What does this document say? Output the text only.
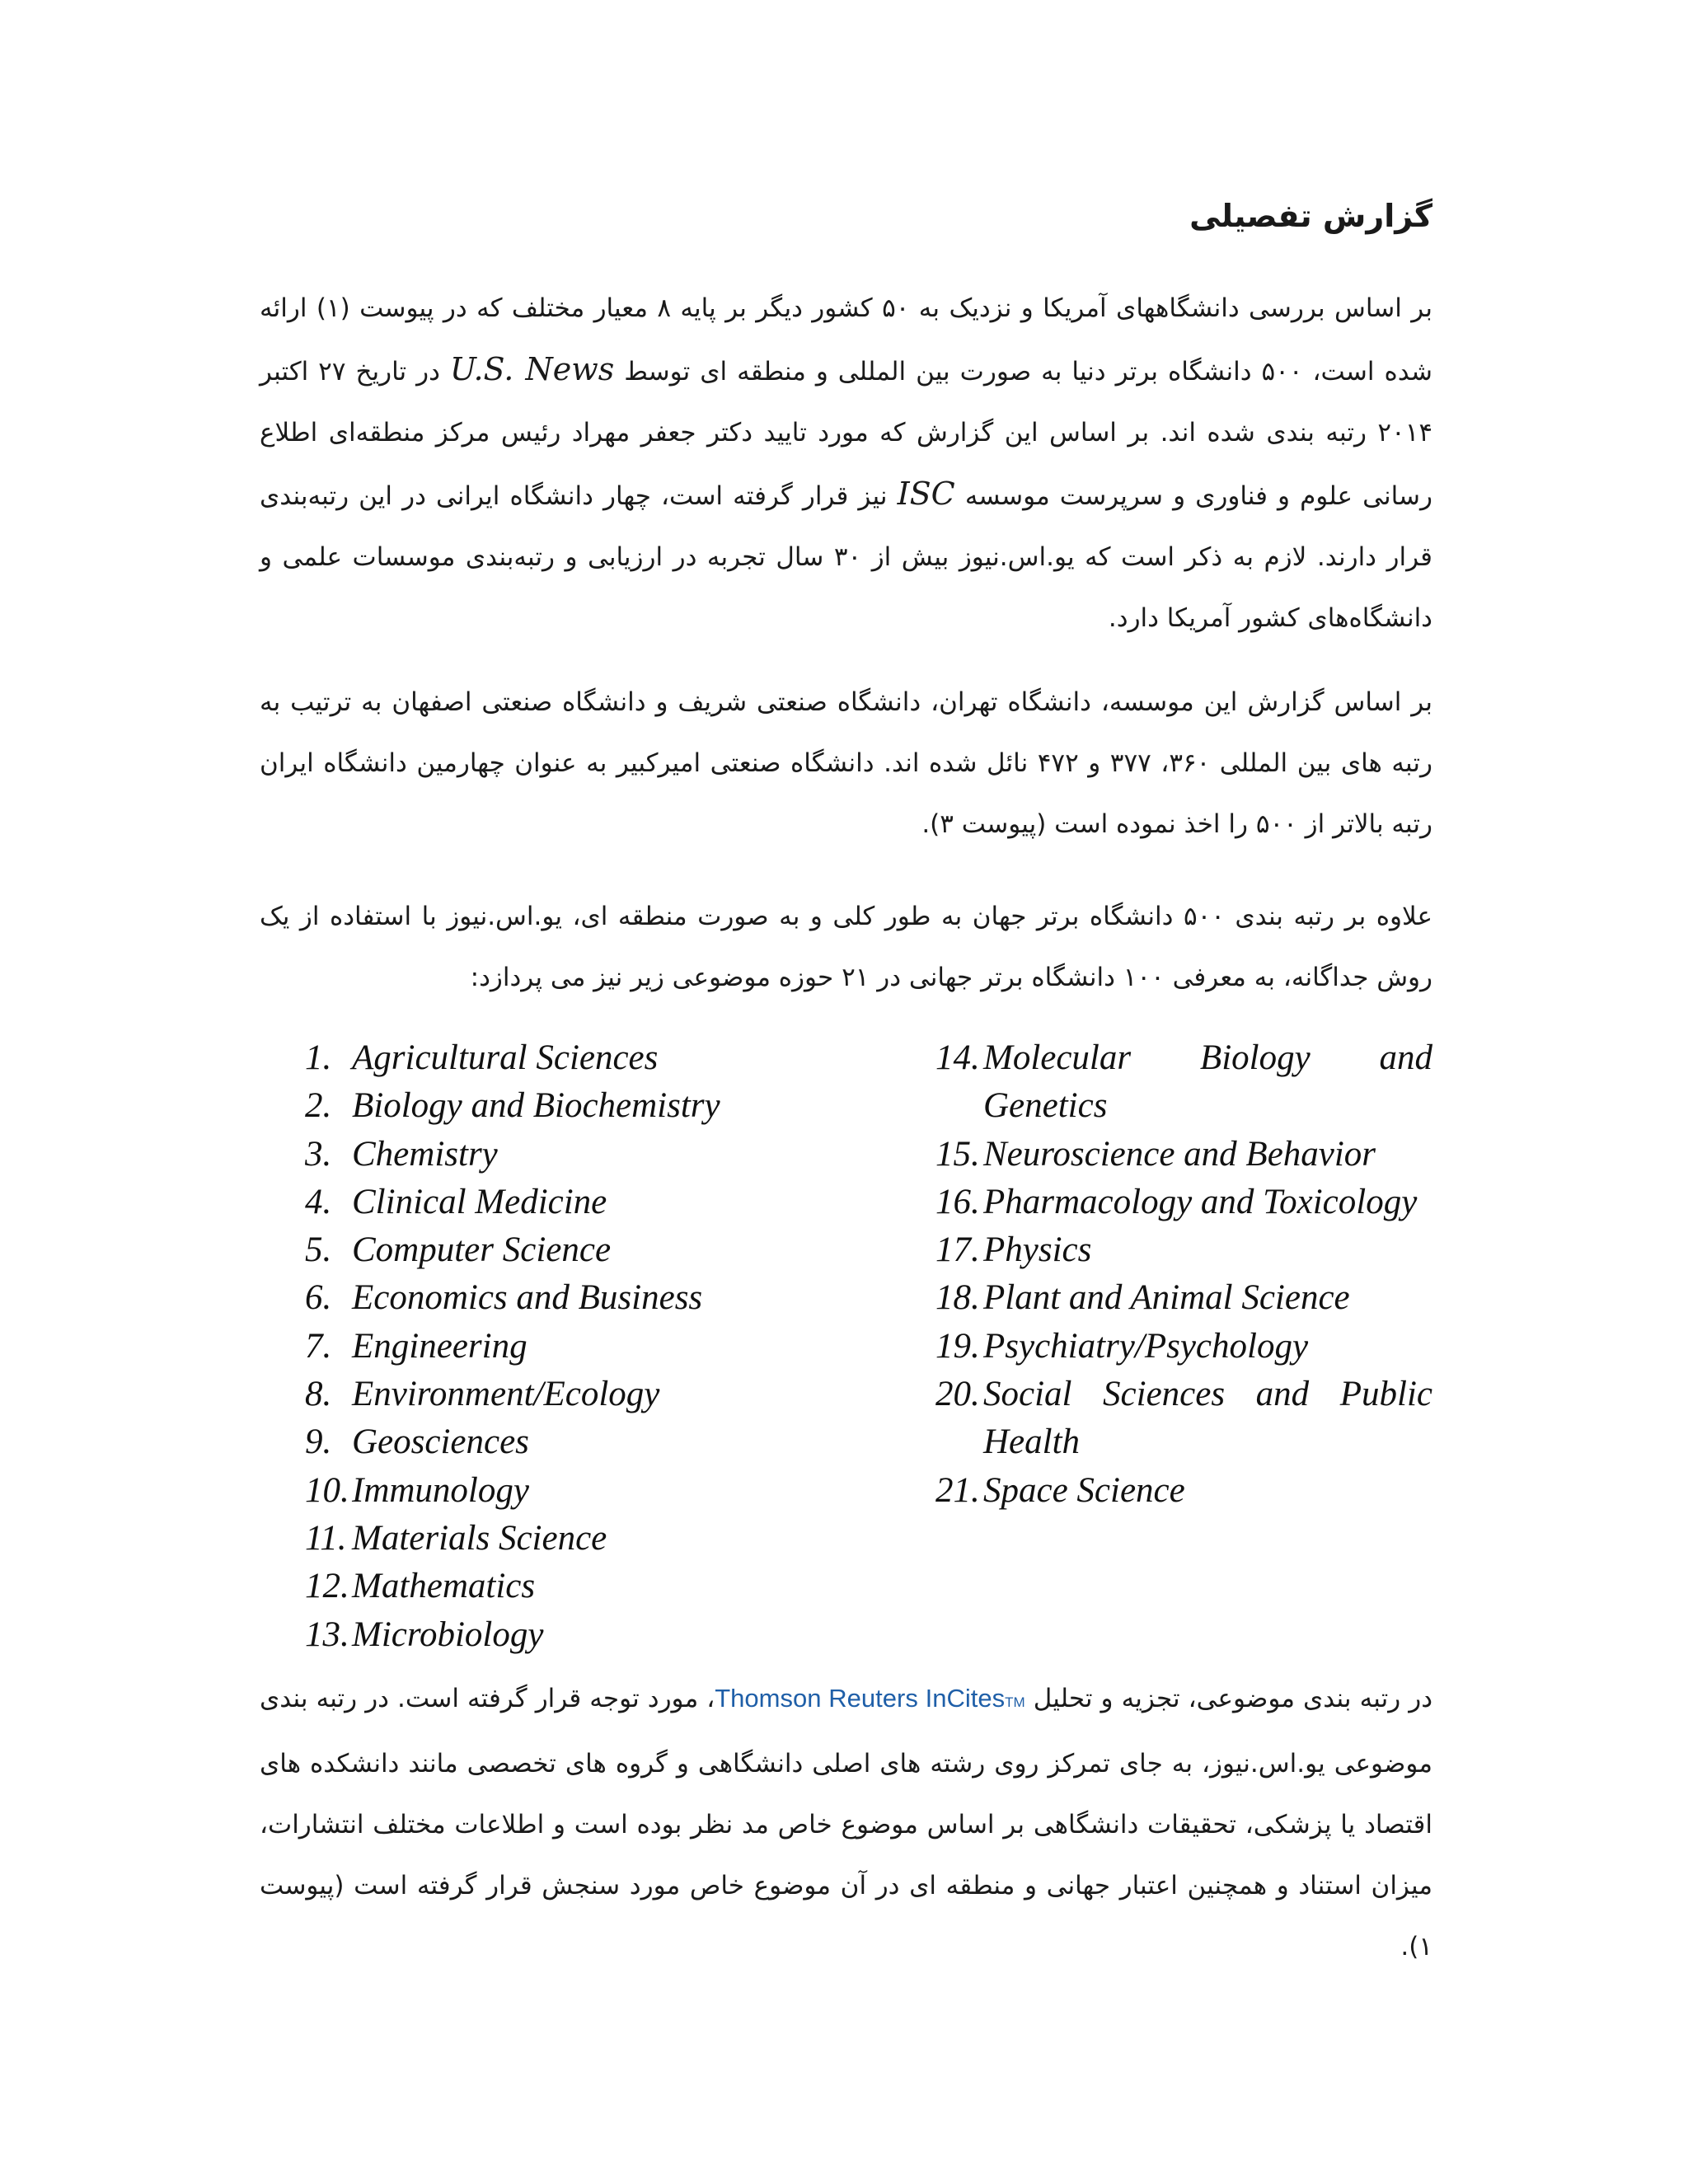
گزارش تفصیلی

بر اساس بررسی دانشگاههای آمریکا و نزدیک به ۵۰ کشور دیگر بر پایه ۸ معیار مختلف که در پیوست (۱) ارائه شده است، ۵۰۰ دانشگاه برتر دنیا به صورت بین المللی و منطقه ای توسط U.S. News در تاریخ ۲۷ اکتبر ۲۰۱۴ رتبه بندی شده اند. بر اساس این گزارش که مورد تایید دکتر جعفر مهراد رئیس مرکز منطقه‌ای اطلاع رسانی علوم و فناوری و سرپرست موسسه ISC نیز قرار گرفته است، چهار دانشگاه ایرانی در این رتبه‌بندی قرار دارند. لازم به ذکر است که یو.اس.نیوز بیش از ۳۰ سال تجربه در ارزیابی و رتبه‌بندی موسسات علمی و دانشگاه‌های کشور آمریکا دارد.

بر اساس گزارش این موسسه، دانشگاه تهران، دانشگاه صنعتی شریف و دانشگاه صنعتی اصفهان به ترتیب به رتبه های بین المللی ۳۶۰، ۳۷۷ و ۴۷۲ نائل شده اند. دانشگاه صنعتی امیرکبیر به عنوان چهارمین دانشگاه ایران رتبه بالاتر از ۵۰۰ را اخذ نموده است (پیوست ۳).

علاوه بر رتبه بندی ۵۰۰ دانشگاه برتر جهان به طور کلی و به صورت منطقه ای، یو.اس.نیوز با استفاده از یک روش جداگانه، به معرفی ۱۰۰ دانشگاه برتر جهانی در ۲۱ حوزه موضوعی زیر نیز می پردازد:

1. Agricultural Sciences
2. Biology and Biochemistry
3. Chemistry
4. Clinical Medicine
5. Computer Science
6. Economics and Business
7. Engineering
8. Environment/Ecology
9. Geosciences
10. Immunology
11. Materials Science
12. Mathematics
13. Microbiology
14. Molecular Biology and Genetics
15. Neuroscience and Behavior
16. Pharmacology and Toxicology
17. Physics
18. Plant and Animal Science
19. Psychiatry/Psychology
20. Social Sciences and Public Health
21. Space Science

در رتبه بندی موضوعی، تجزیه و تحلیل Thomson Reuters InCitesTM، مورد توجه قرار گرفته است. در رتبه بندی موضوعی یو.اس.نیوز، به جای تمرکز روی رشته های اصلی دانشگاهی و گروه های تخصصی مانند دانشکده های اقتصاد یا پزشکی، تحقیقات دانشگاهی بر اساس موضوع خاص مد نظر بوده است و اطلاعات مختلف انتشارات، میزان استناد و همچنین اعتبار جهانی و منطقه ای در آن موضوع خاص مورد سنجش قرار گرفته است (پیوست ۱).
